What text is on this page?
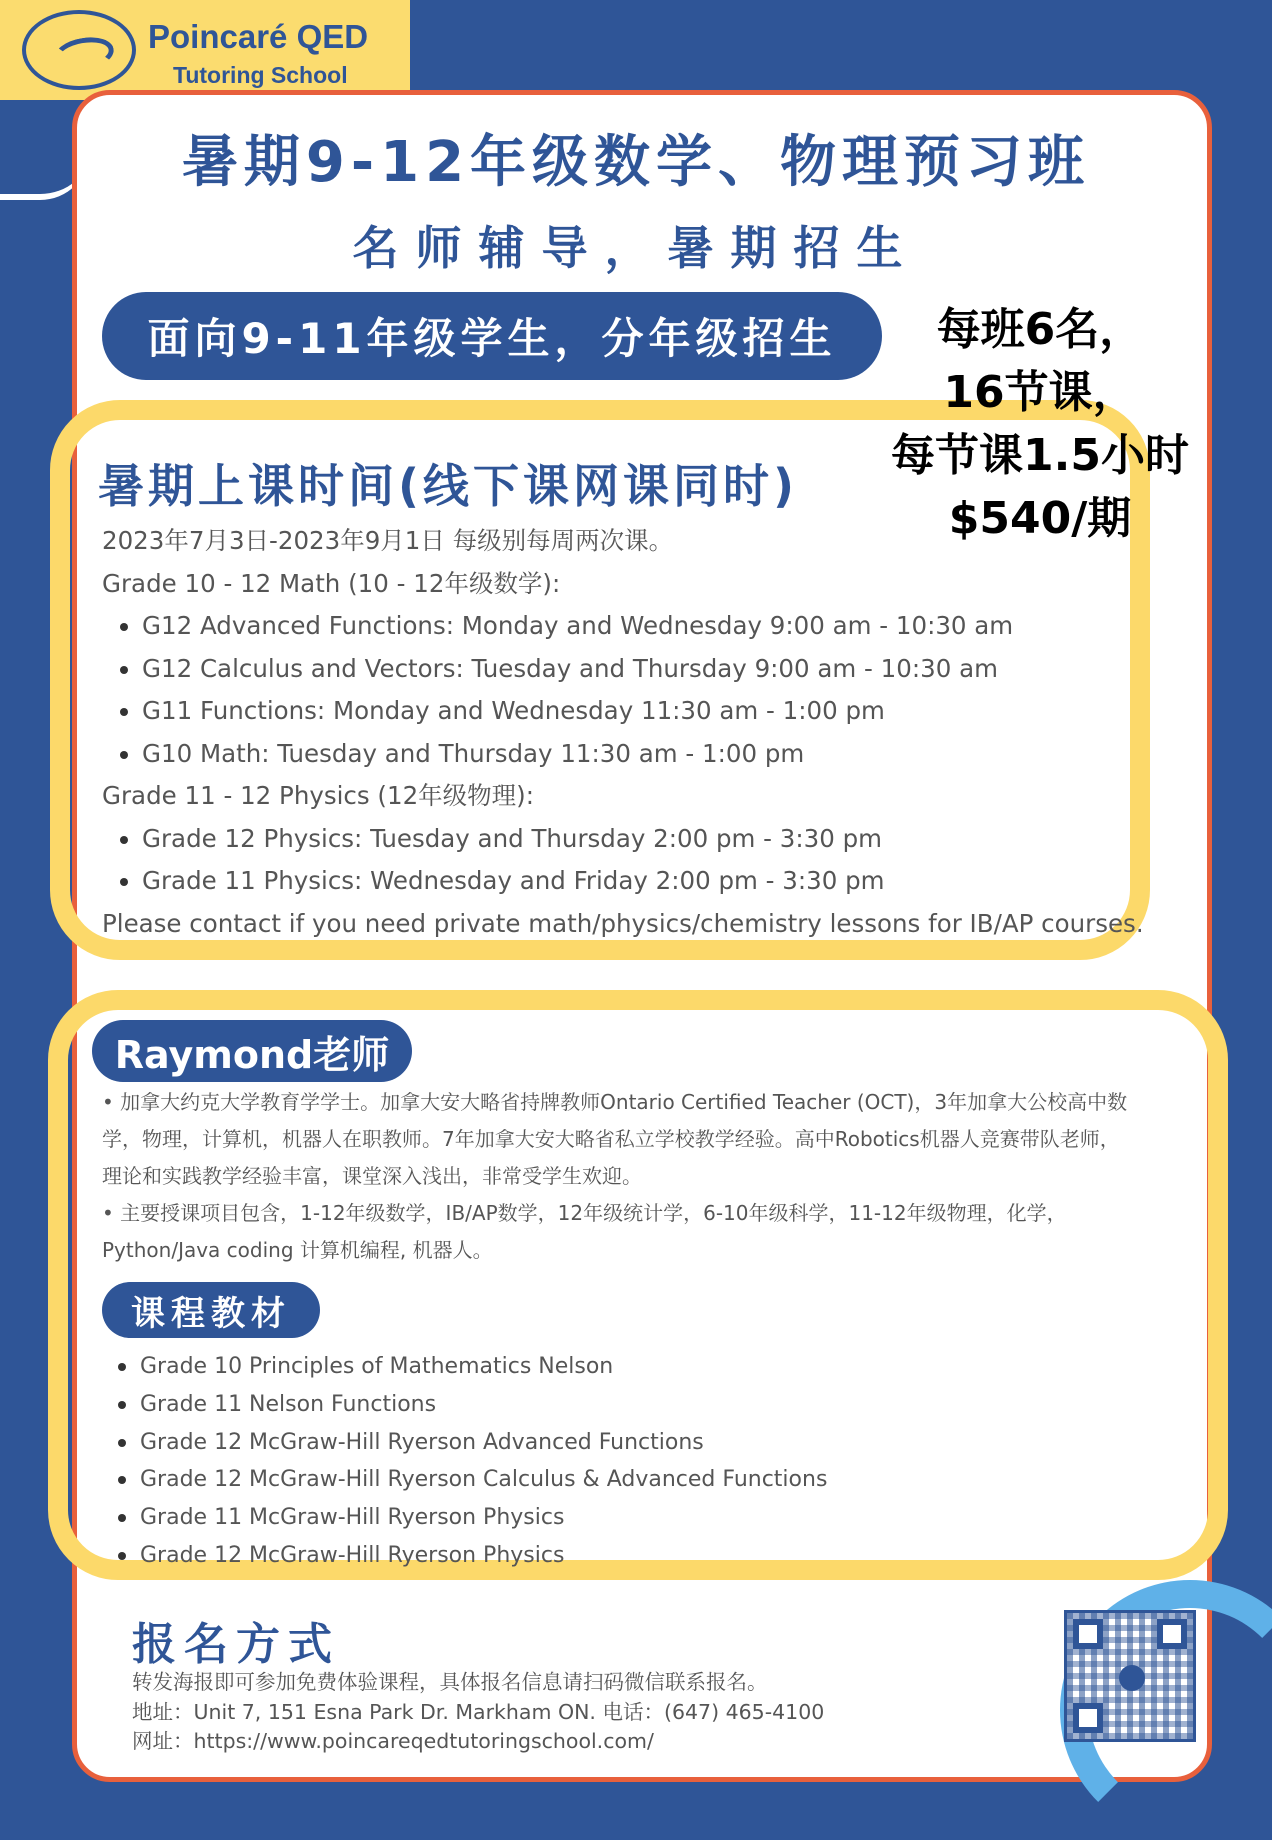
Poincaré QED
Tutoring School
暑期9-12年级数学、物理预习班
名师辅导，暑期招生
面向9-11年级学生，分年级招生	每班6名，
16节课，
每节课1.5小时
$540/期
暑期上课时间(线下课网课同时)
2023年7月3日-2023年9月1日 每级别每周两次课。
Grade 10 - 12 Math (10 - 12年级数学):
G12 Advanced Functions: Monday and Wednesday 9:00 am - 10:30 am
G12 Calculus and Vectors: Tuesday and Thursday 9:00 am - 10:30 am
G11 Functions: Monday and Wednesday 11:30 am - 1:00 pm
G10 Math: Tuesday and Thursday 11:30 am - 1:00 pm
Grade 11 - 12 Physics (12年级物理):
Grade 12 Physics: Tuesday and Thursday 2:00 pm - 3:30 pm
Grade 11 Physics: Wednesday and Friday 2:00 pm - 3:30 pm
Please contact if you need private math/physics/chemistry lessons for IB/AP courses.
Raymond老师
• 加拿大约克大学教育学学士。加拿大安大略省持牌教师Ontario Certified Teacher (OCT)，3年加拿大公校高中数
学，物理，计算机，机器人在职教师。7年加拿大安大略省私立学校教学经验。高中Robotics机器人竞赛带队老师，
理论和实践教学经验丰富，课堂深入浅出，非常受学生欢迎。
• 主要授课项目包含，1-12年级数学，IB/AP数学，12年级统计学，6-10年级科学，11-12年级物理，化学，
Python/Java coding 计算机编程, 机器人。
课程教材
Grade 10 Principles of Mathematics Nelson
Grade 11 Nelson Functions
Grade 12 McGraw-Hill Ryerson Advanced Functions
Grade 12 McGraw-Hill Ryerson Calculus & Advanced Functions
Grade 11 McGraw-Hill Ryerson Physics
Grade 12 McGraw-Hill Ryerson Physics
报名方式
转发海报即可参加免费体验课程，具体报名信息请扫码微信联系报名。
地址：Unit 7, 151 Esna Park Dr. Markham ON. 电话：(647) 465-4100
网址：https://www.poincareqedtutoringschool.com/
